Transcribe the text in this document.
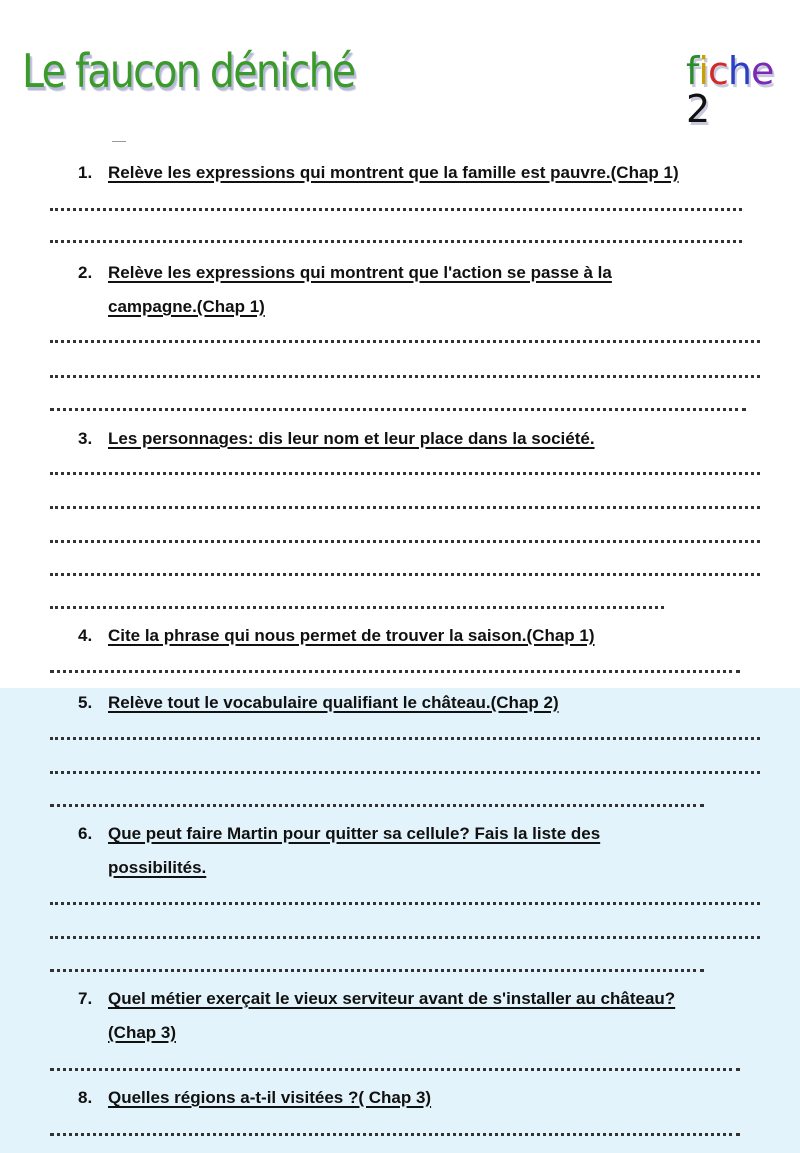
Le faucon déniché	fiche 2
1. Relève les expressions qui montrent que la famille est pauvre.(Chap 1)
2. Relève les expressions qui montrent que l'action se passe à la
campagne.(Chap 1)
3. Les personnages: dis leur nom et leur place dans la société.
4. Cite la phrase qui nous permet de trouver la saison.(Chap 1)
5. Relève tout le vocabulaire qualifiant le château.(Chap 2)
6. Que peut faire Martin pour quitter sa cellule? Fais la liste des
possibilités.
7. Quel métier exerçait le vieux serviteur avant de s'installer au château?
(Chap 3)
8. Quelles régions a-t-il visitées ?( Chap 3)
